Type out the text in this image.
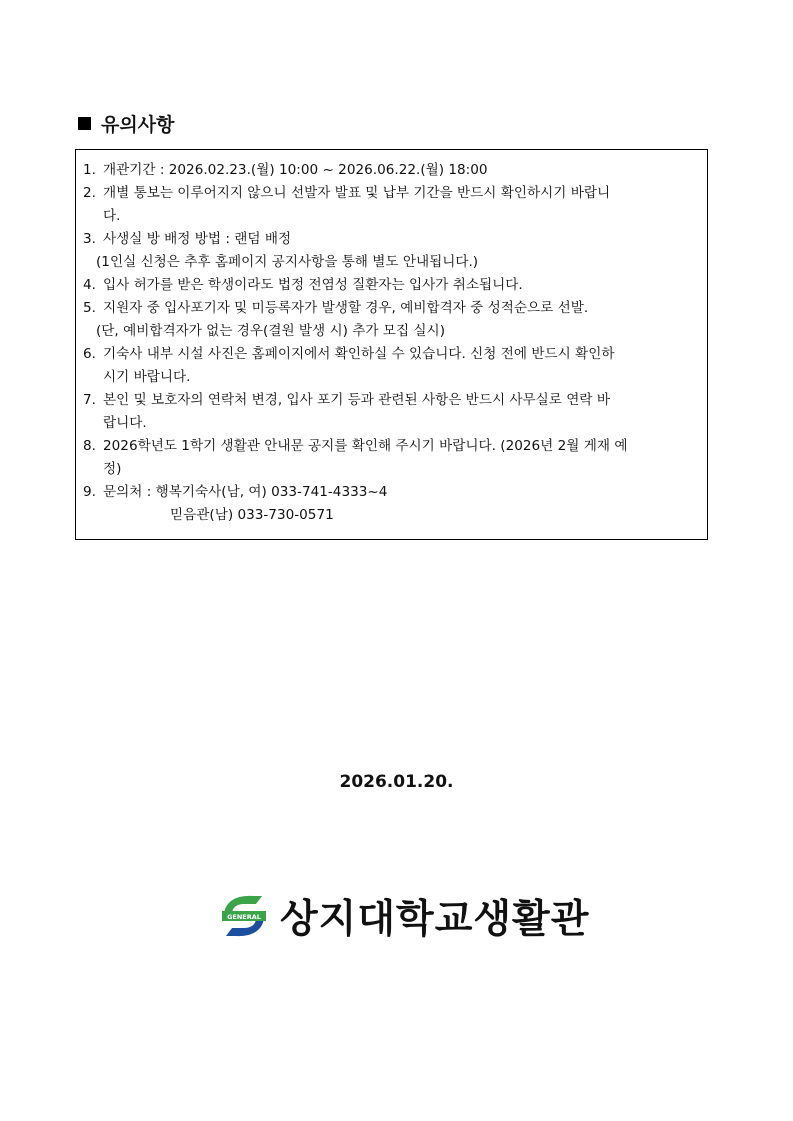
유의사항
1. 개관기간 : 2026.02.23.(월) 10:00 ~ 2026.06.22.(월) 18:00
2. 개별 통보는 이루어지지 않으니 선발자 발표 및 납부 기간을 반드시 확인하시기 바랍니
다.
3. 사생실 방 배정 방법 : 랜덤 배정
(1인실 신청은 추후 홈페이지 공지사항을 통해 별도 안내됩니다.)
4. 입사 허가를 받은 학생이라도 법정 전염성 질환자는 입사가 취소됩니다.
5. 지원자 중 입사포기자 및 미등록자가 발생할 경우, 예비합격자 중 성적순으로 선발.
(단, 예비합격자가 없는 경우(결원 발생 시) 추가 모집 실시)
6. 기숙사 내부 시설 사진은 홈페이지에서 확인하실 수 있습니다. 신청 전에 반드시 확인하
시기 바랍니다.
7. 본인 및 보호자의 연락처 변경, 입사 포기 등과 관련된 사항은 반드시 사무실로 연락 바
랍니다.
8. 2026학년도 1학기 생활관 안내문 공지를 확인해 주시기 바랍니다. (2026년 2월 게재 예
정)
9. 문의처 : 행복기숙사(남, 여) 033-741-4333~4
믿음관(남) 033-730-0571
2026.01.20.
GENERAL 상지대학교생활관
